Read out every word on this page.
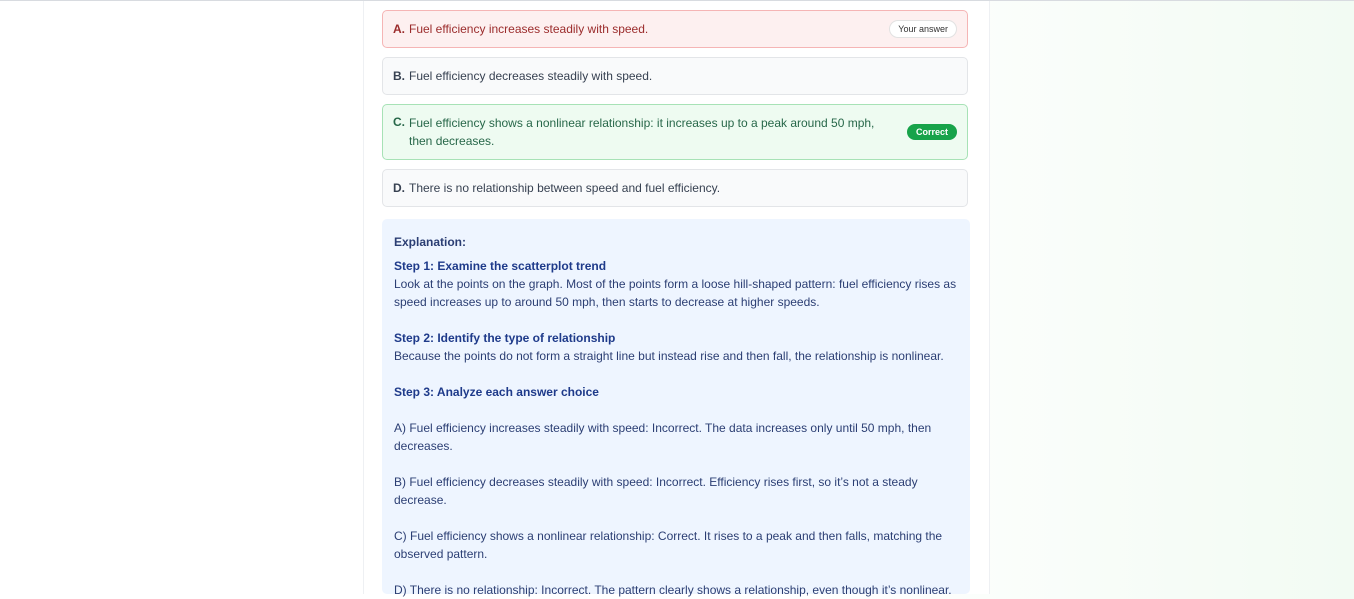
A. Fuel efficiency increases steadily with speed.	Your answer
B. Fuel efficiency decreases steadily with speed.
C. Fuel efficiency shows a nonlinear relationship: it increases up to a peak around 50 mph, then decreases.
Correct
D. There is no relationship between speed and fuel efficiency.
Explanation:

Step 1: Examine the scatterplot trend

Look at the points on the graph. Most of the points form a loose hill-shaped pattern: fuel efficiency rises as speed increases up to around 50 mph, then starts to decrease at higher speeds.

Step 2: Identify the type of relationship

Because the points do not form a straight line but instead rise and then fall, the relationship is nonlinear.

Step 3: Analyze each answer choice

A) Fuel efficiency increases steadily with speed: Incorrect. The data increases only until 50 mph, then decreases.

B) Fuel efficiency decreases steadily with speed: Incorrect. Efficiency rises first, so it’s not a steady decrease.

C) Fuel efficiency shows a nonlinear relationship: Correct. It rises to a peak and then falls, matching the observed pattern.

D) There is no relationship: Incorrect. The pattern clearly shows a relationship, even though it’s nonlinear.
